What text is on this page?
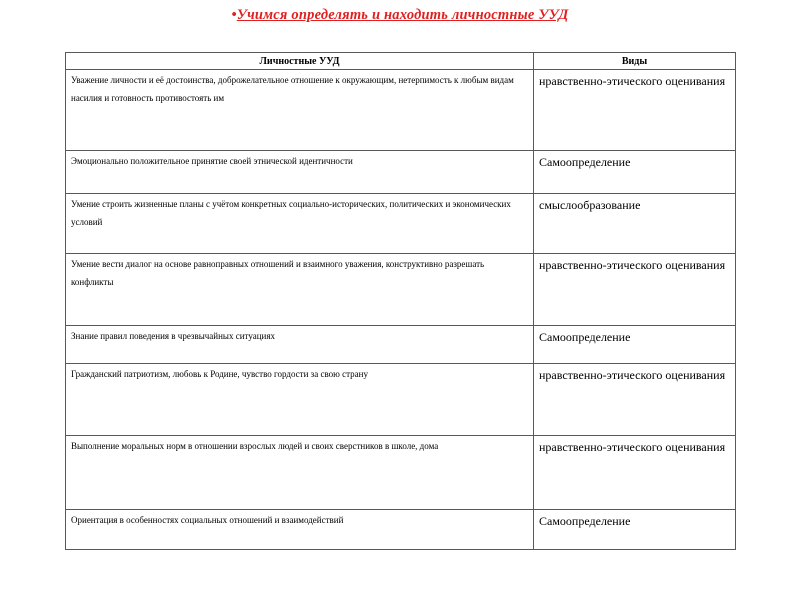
•Учимся определять и находить личностные УУД
Личностные УУД	Виды
Уважение личности и её достоинства, доброжелательное отношение к окружающим, нетерпимость к любым видам насилия и готовность противостоять им	нравственно-этического оценивания
Эмоционально положительное принятие своей этнической идентичности	Самоопределение
Умение строить жизненные планы с учётом конкретных социально-исторических, политических и экономических условий	смыслообразование
Умение вести диалог на основе равноправных отношений и взаимного уважения, конструктивно разрешать конфликты	нравственно-этического оценивания
Знание правил поведения в чрезвычайных ситуациях	Самоопределение
Гражданский патриотизм, любовь к Родине, чувство гордости за свою страну	нравственно-этического оценивания
Выполнение моральных норм в отношении взрослых людей и своих сверстников в школе, дома	нравственно-этического оценивания
Ориентация в особенностях социальных отношений и взаимодействий	Самоопределение
